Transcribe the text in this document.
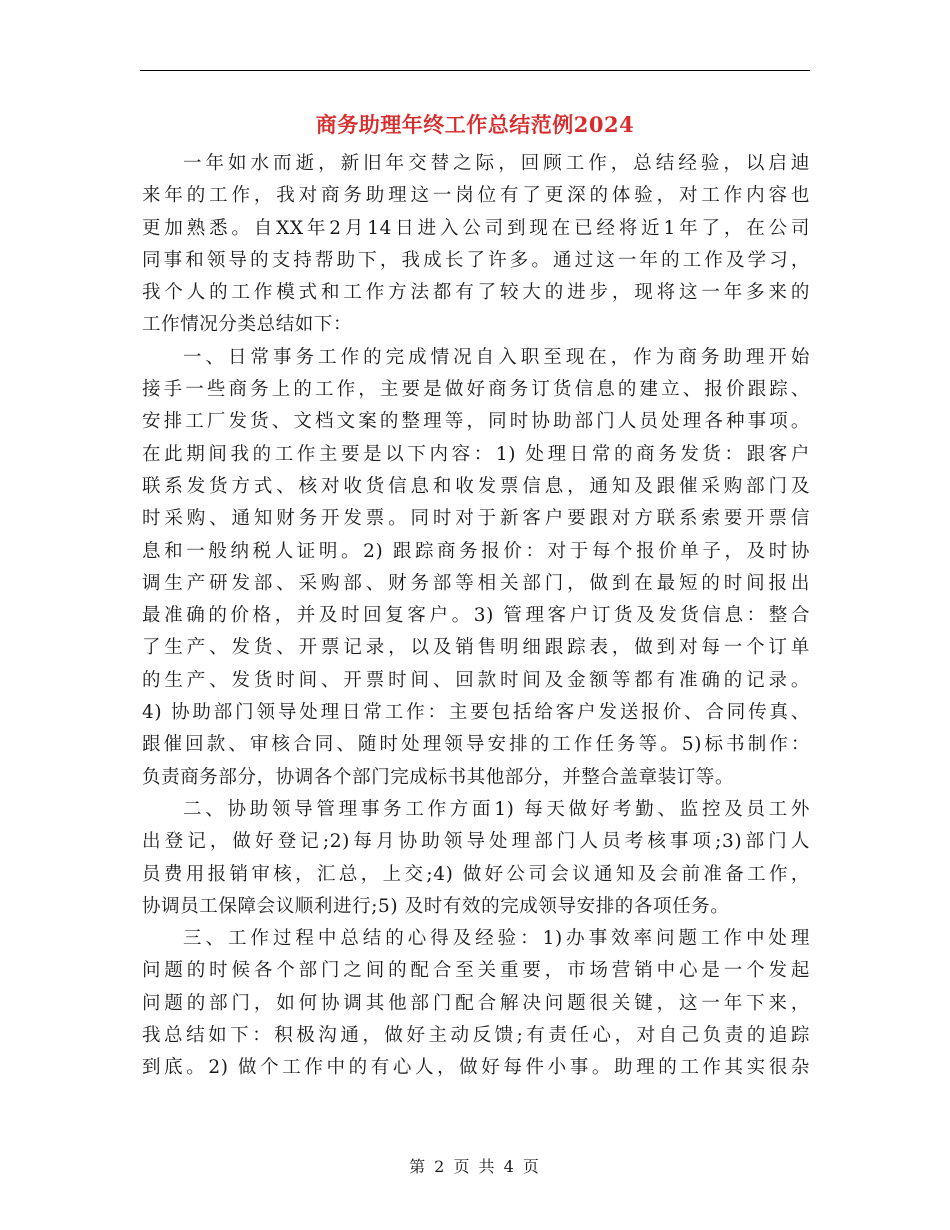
商务助理年终工作总结范例2024
一年如水而逝，新旧年交替之际，回顾工作，总结经验，以启迪
来年的工作，我对商务助理这一岗位有了更深的体验，对工作内容也
更加熟悉。自XX年2月14日进入公司到现在已经将近1年了，在公司
同事和领导的支持帮助下，我成长了许多。通过这一年的工作及学习，
我个人的工作模式和工作方法都有了较大的进步，现将这一年多来的
工作情况分类总结如下：
一、日常事务工作的完成情况自入职至现在，作为商务助理开始
接手一些商务上的工作，主要是做好商务订货信息的建立、报价跟踪、
安排工厂发货、文档文案的整理等，同时协助部门人员处理各种事项。
在此期间我的工作主要是以下内容：1) 处理日常的商务发货：跟客户
联系发货方式、核对收货信息和收发票信息，通知及跟催采购部门及
时采购、通知财务开发票。同时对于新客户要跟对方联系索要开票信
息和一般纳税人证明。2) 跟踪商务报价：对于每个报价单子，及时协
调生产研发部、采购部、财务部等相关部门，做到在最短的时间报出
最准确的价格，并及时回复客户。3) 管理客户订货及发货信息：整合
了生产、发货、开票记录，以及销售明细跟踪表，做到对每一个订单
的生产、发货时间、开票时间、回款时间及金额等都有准确的记录。
4) 协助部门领导处理日常工作：主要包括给客户发送报价、合同传真、
跟催回款、审核合同、随时处理领导安排的工作任务等。5)标书制作：
负责商务部分，协调各个部门完成标书其他部分，并整合盖章装订等。
二、协助领导管理事务工作方面1) 每天做好考勤、监控及员工外
出登记，做好登记;2)每月协助领导处理部门人员考核事项;3)部门人
员费用报销审核，汇总，上交;4) 做好公司会议通知及会前准备工作，
协调员工保障会议顺利进行;5) 及时有效的完成领导安排的各项任务。
三、工作过程中总结的心得及经验：1)办事效率问题工作中处理
问题的时候各个部门之间的配合至关重要，市场营销中心是一个发起
问题的部门，如何协调其他部门配合解决问题很关键，这一年下来，
我总结如下：积极沟通，做好主动反馈;有责任心，对自己负责的追踪
到底。2) 做个工作中的有心人，做好每件小事。助理的工作其实很杂
第 2 页 共 4 页
